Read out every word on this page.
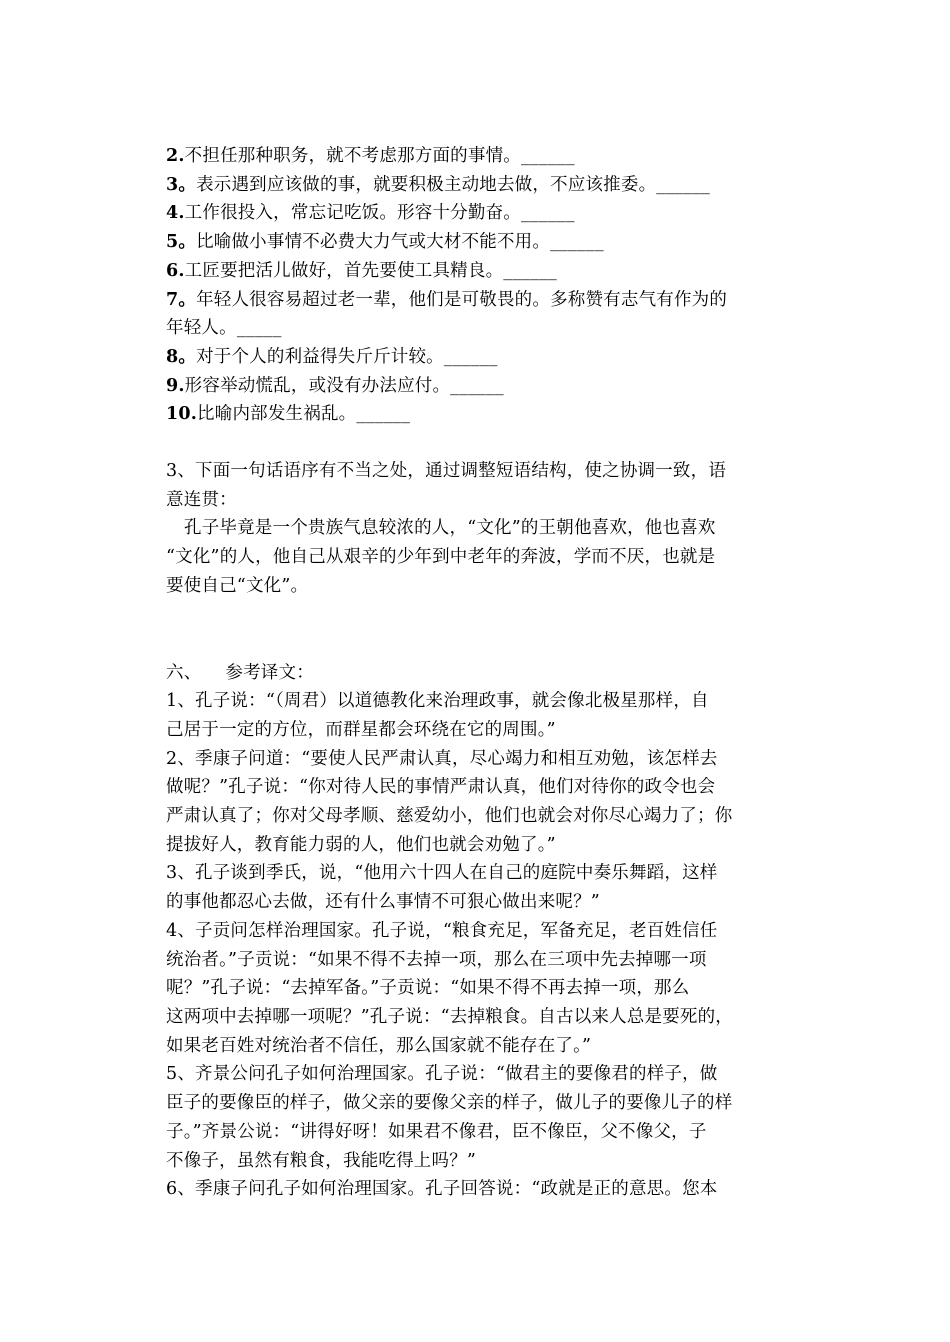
2.不担任那种职务，就不考虑那方面的事情。______
3。表示遇到应该做的事，就要积极主动地去做，不应该推委。______
4.工作很投入，常忘记吃饭。形容十分勤奋。______
5。比喻做小事情不必费大力气或大材不能不用。______
6.工匠要把活儿做好，首先要使工具精良。______
7。年轻人很容易超过老一辈，他们是可敬畏的。多称赞有志气有作为的
年轻人。_____
8。对于个人的利益得失斤斤计较。______
9.形容举动慌乱，或没有办法应付。______
10.比喻内部发生祸乱。______
3、下面一句话语序有不当之处，通过调整短语结构，使之协调一致，语
意连贯：
孔子毕竟是一个贵族气息较浓的人，“文化”的王朝他喜欢，他也喜欢
“文化”的人，他自己从艰辛的少年到中老年的奔波，学而不厌，也就是
要使自己“文化”。
六、 参考译文：
1、孔子说：“（周君）以道德教化来治理政事，就会像北极星那样，自
己居于一定的方位，而群星都会环绕在它的周围。”
2、季康子问道：“要使人民严肃认真，尽心竭力和相互劝勉，该怎样去
做呢？”孔子说：“你对待人民的事情严肃认真，他们对待你的政令也会
严肃认真了；你对父母孝顺、慈爱幼小，他们也就会对你尽心竭力了；你
提拔好人，教育能力弱的人，他们也就会劝勉了。”
3、孔子谈到季氏，说，“他用六十四人在自己的庭院中奏乐舞蹈，这样
的事他都忍心去做，还有什么事情不可狠心做出来呢？”
4、子贡问怎样治理国家。孔子说，“粮食充足，军备充足，老百姓信任
统治者。”子贡说：“如果不得不去掉一项，那么在三项中先去掉哪一项
呢？”孔子说：“去掉军备。”子贡说：“如果不得不再去掉一项，那么
这两项中去掉哪一项呢？”孔子说：“去掉粮食。自古以来人总是要死的，
如果老百姓对统治者不信任，那么国家就不能存在了。”
5、齐景公问孔子如何治理国家。孔子说：“做君主的要像君的样子，做
臣子的要像臣的样子，做父亲的要像父亲的样子，做儿子的要像儿子的样
子。”齐景公说：“讲得好呀！如果君不像君，臣不像臣，父不像父，子
不像子，虽然有粮食，我能吃得上吗？”
6、季康子问孔子如何治理国家。孔子回答说：“政就是正的意思。您本
